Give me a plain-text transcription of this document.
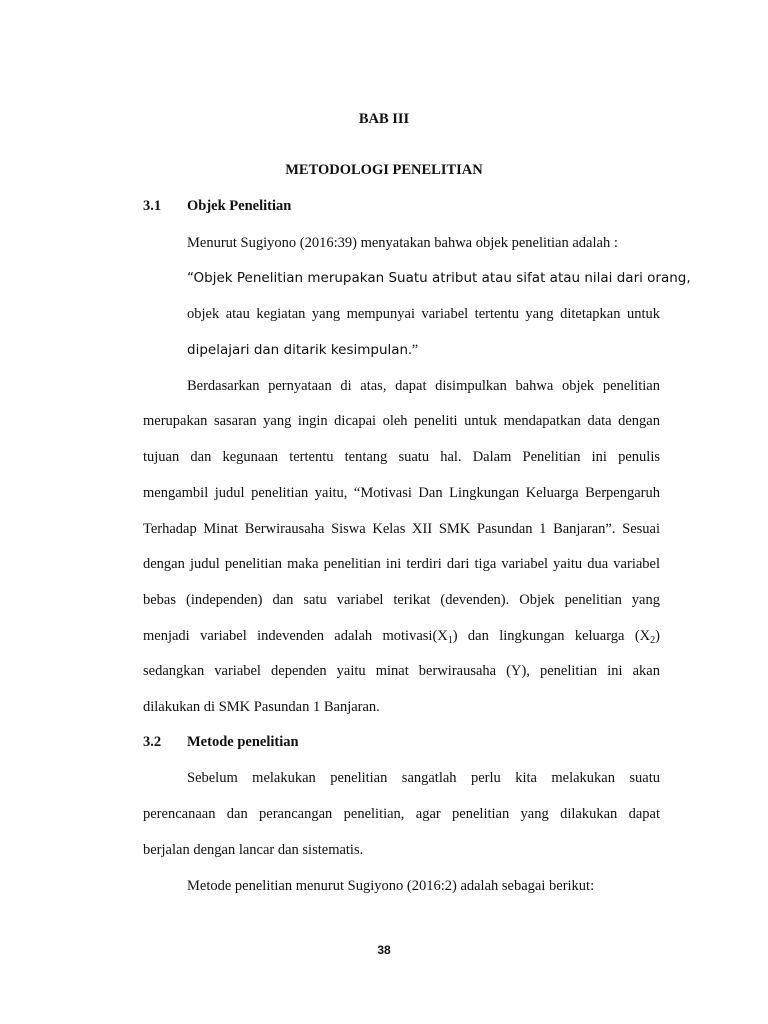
BAB III
METODOLOGI PENELITIAN
3.1 Objek Penelitian
Menurut Sugiyono (2016:39) menyatakan bahwa objek penelitian adalah :
“Objek Penelitian merupakan Suatu atribut atau sifat atau nilai dari orang,
objek atau kegiatan yang mempunyai variabel tertentu yang ditetapkan untuk
dipelajari dan ditarik kesimpulan.”
Berdasarkan pernyataan di atas, dapat disimpulkan bahwa objek penelitian
merupakan sasaran yang ingin dicapai oleh peneliti untuk mendapatkan data dengan
tujuan dan kegunaan tertentu tentang suatu hal. Dalam Penelitian ini penulis
mengambil judul penelitian yaitu, “Motivasi Dan Lingkungan Keluarga Berpengaruh
Terhadap Minat Berwirausaha Siswa Kelas XII SMK Pasundan 1 Banjaran”. Sesuai
dengan judul penelitian maka penelitian ini terdiri dari tiga variabel yaitu dua variabel
bebas (independen) dan satu variabel terikat (devenden). Objek penelitian yang
menjadi variabel indevenden adalah $motivasi(X_1)$ dan lingkungan keluarga $(X_2)$
sedangkan variabel dependen yaitu minat berwirausaha (Y), penelitian ini akan
dilakukan di SMK Pasundan 1 Banjaran.
3.2 Metode penelitian
Sebelum melakukan penelitian sangatlah perlu kita melakukan suatu
perencanaan dan perancangan penelitian, agar penelitian yang dilakukan dapat
berjalan dengan lancar dan sistematis.
Metode penelitian menurut Sugiyono (2016:2) adalah sebagai berikut:
38
